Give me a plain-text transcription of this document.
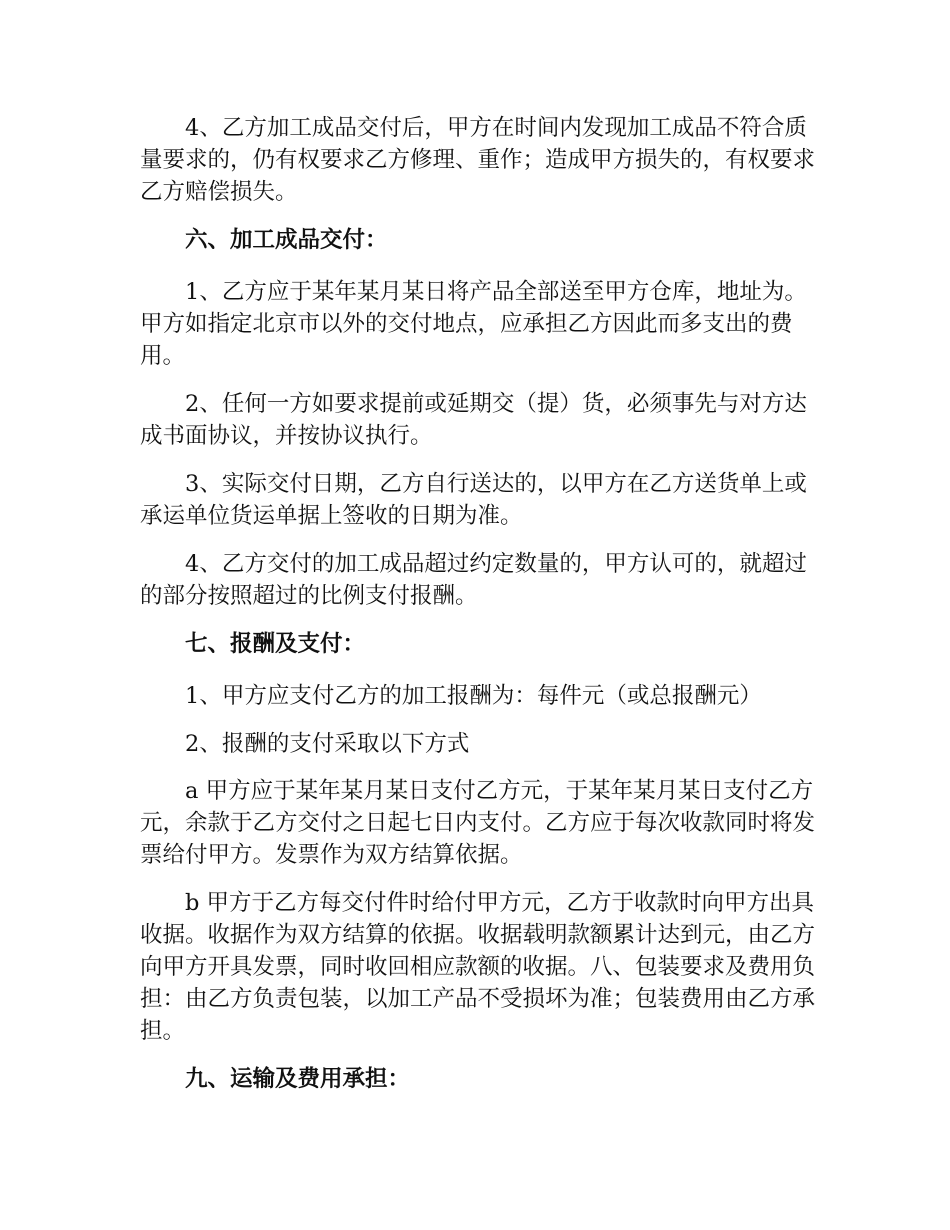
4、乙方加工成品交付后，甲方在时间内发现加工成品不符合质量要求的，仍有权要求乙方修理、重作；造成甲方损失的，有权要求乙方赔偿损失。

六、加工成品交付：

1、乙方应于某年某月某日将产品全部送至甲方仓库，地址为。甲方如指定北京市以外的交付地点，应承担乙方因此而多支出的费用。

2、任何一方如要求提前或延期交（提）货，必须事先与对方达成书面协议，并按协议执行。

3、实际交付日期，乙方自行送达的，以甲方在乙方送货单上或承运单位货运单据上签收的日期为准。

4、乙方交付的加工成品超过约定数量的，甲方认可的，就超过的部分按照超过的比例支付报酬。

七、报酬及支付：

1、甲方应支付乙方的加工报酬为：每件元（或总报酬元）

2、报酬的支付采取以下方式

a 甲方应于某年某月某日支付乙方元，于某年某月某日支付乙方元，余款于乙方交付之日起七日内支付。乙方应于每次收款同时将发票给付甲方。发票作为双方结算依据。

b 甲方于乙方每交付件时给付甲方元，乙方于收款时向甲方出具收据。收据作为双方结算的依据。收据载明款额累计达到元，由乙方向甲方开具发票，同时收回相应款额的收据。八、包装要求及费用负担：由乙方负责包装，以加工产品不受损坏为准；包装费用由乙方承担。

九、运输及费用承担：
